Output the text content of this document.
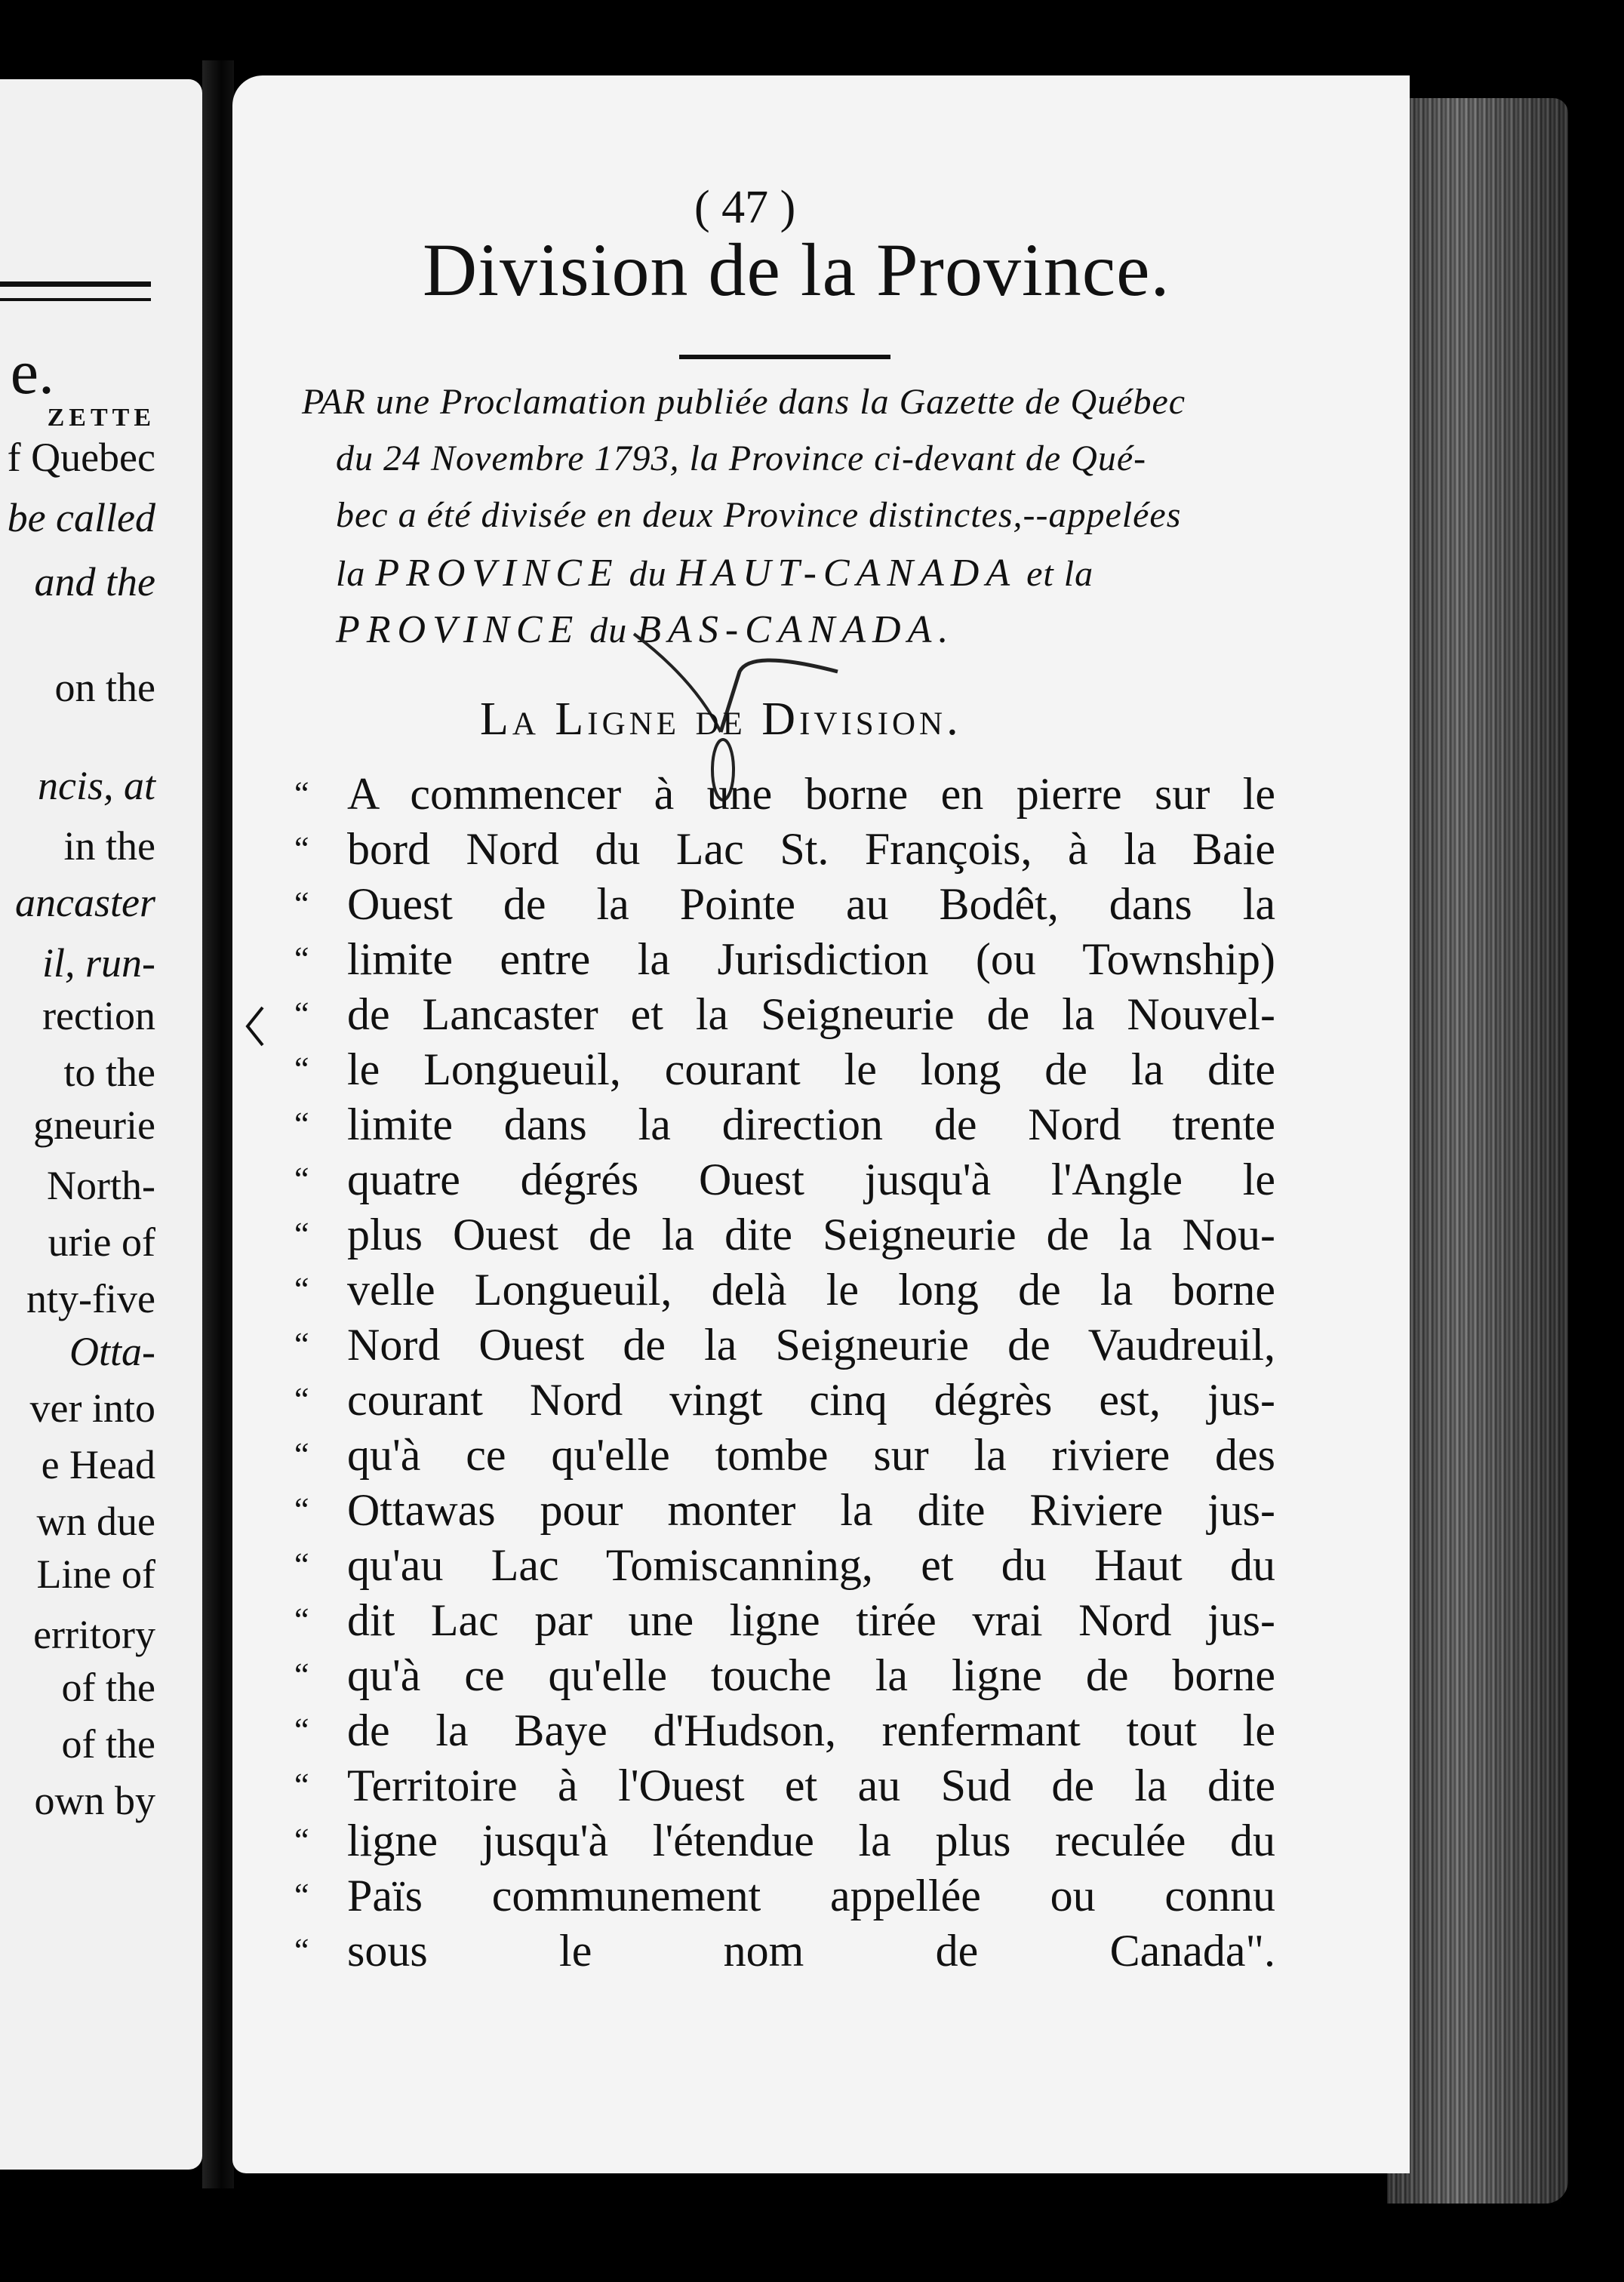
e.
ZETTE
f Quebec
be called
and the
on the
ncis, at
in the
ancaster
il, run-
rection
to the
gneurie
North-
urie of
nty-five
Otta-
ver into
e Head
wn due
Line of
erritory
of the
of the
own by
( 47 )
Division de la Province.
PAR une Proclamation publiée dans la Gazette de Québec
du 24 Novembre 1793, la Province ci-devant de Qué-
bec a été divisée en deux Province distinctes,--appelées
la PROVINCE du HAUT-CANADA et la
PROVINCE du BAS-CANADA.
La Ligne de Division.
“ A commencer à une borne en pierre sur le
“ bord Nord du Lac St. François, à la Baie
“ Ouest de la Pointe au Bodêt, dans la
“ limite entre la Jurisdiction (ou Township)
“ de Lancaster et la Seigneurie de la Nouvel-
“ le Longueuil, courant le long de la dite
“ limite dans la direction de Nord trente
“ quatre dégrés Ouest jusqu'à l'Angle le
“ plus Ouest de la dite Seigneurie de la Nou-
“ velle Longueuil, delà le long de la borne
“ Nord Ouest de la Seigneurie de Vaudreuil,
“ courant Nord vingt cinq dégrès est, jus-
“ qu'à ce qu'elle tombe sur la riviere des
“ Ottawas pour monter la dite Riviere jus-
“ qu'au Lac Tomiscanning, et du Haut du
“ dit Lac par une ligne tirée vrai Nord jus-
“ qu'à ce qu'elle touche la ligne de borne
“ de la Baye d'Hudson, renfermant tout le
“ Territoire à l'Ouest et au Sud de la dite
“ ligne jusqu'à l'étendue la plus reculée du
“ Païs communement appellée ou connu
“ sous le nom de Canada".
